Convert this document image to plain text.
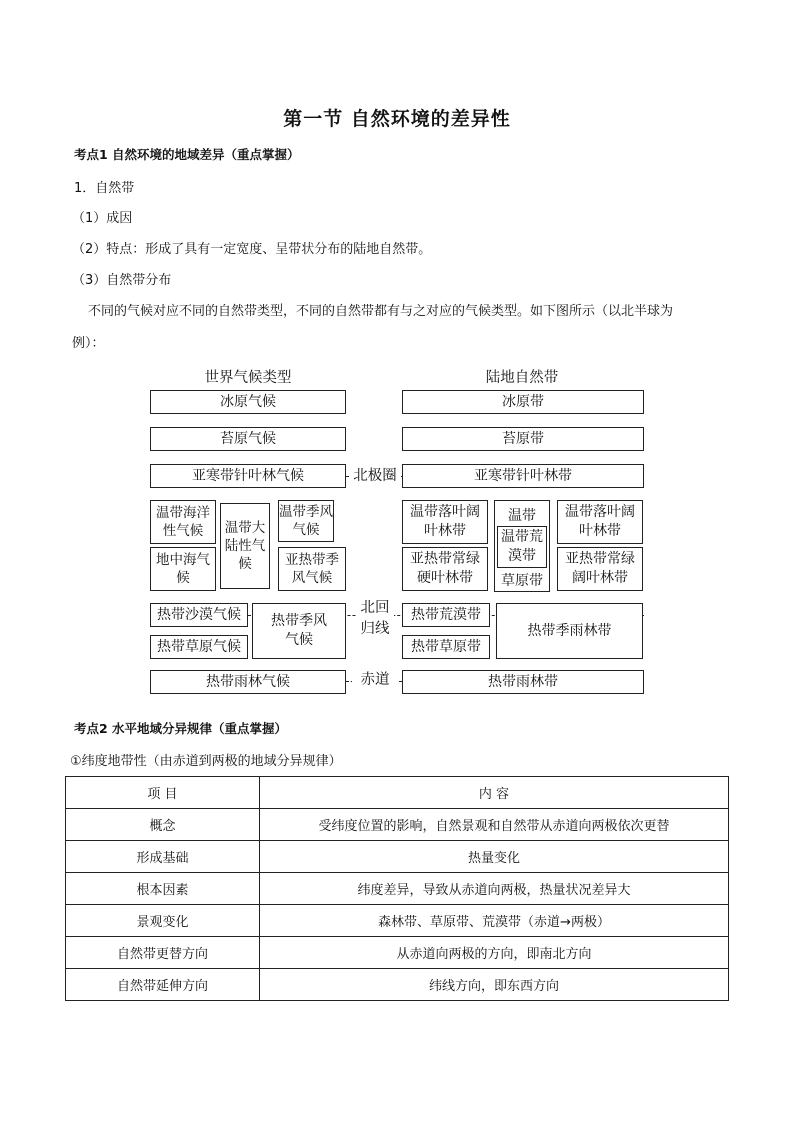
第一节 自然环境的差异性
考点1 自然环境的地域差异（重点掌握）
1．自然带
（1）成因
（2）特点：形成了具有一定宽度、呈带状分布的陆地自然带。
（3）自然带分布
不同的气候对应不同的自然带类型，不同的自然带都有与之对应的气候类型。如下图所示（以北半球为
例）：
世界气候类型	陆地自然带
冰原气候
苔原气候
亚寒带针叶林气候
温带海洋性气候
地中海气候
温带大陆性气候
温带季风气候
亚热带季风气候
热带沙漠气候
热带草原气候
热带季风气候
热带雨林气候
北极圈
北回归线
赤道
冰原带
苔原带
亚寒带针叶林带
温带落叶阔叶林带
亚热带常绿硬叶林带
温带
温带荒漠带
草原带
温带落叶阔叶林带
亚热带常绿阔叶林带
热带荒漠带
热带草原带
热带季雨林带
热带雨林带
考点2 水平地域分异规律（重点掌握）
①纬度地带性（由赤道到两极的地域分异规律）
项 目	内 容
概念	受纬度位置的影响，自然景观和自然带从赤道向两极依次更替
形成基础	热量变化
根本因素	纬度差异，导致从赤道向两极，热量状况差异大
景观变化	森林带、草原带、荒漠带（赤道→两极）
自然带更替方向	从赤道向两极的方向，即南北方向
自然带延伸方向	纬线方向，即东西方向
